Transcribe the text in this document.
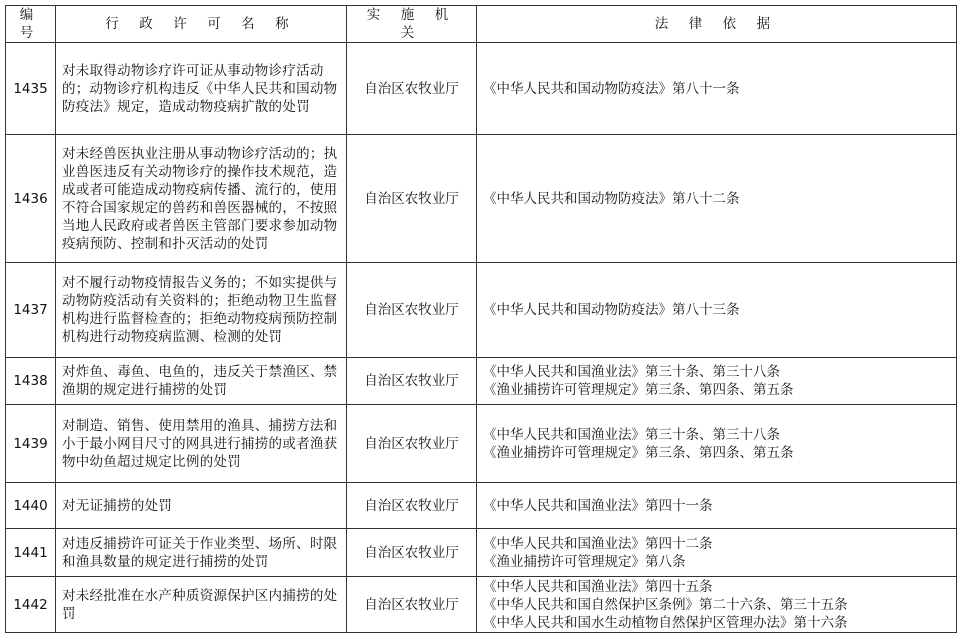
编号	行 政 许 可 名 称	实 施 机 关	法 律 依 据
1435	对未取得动物诊疗许可证从事动物诊疗活动的；动物诊疗机构违反《中华人民共和国动物防疫法》规定，造成动物疫病扩散的处罚	自治区农牧业厅	《中华人民共和国动物防疫法》第八十一条

1436	对未经兽医执业注册从事动物诊疗活动的；执业兽医违反有关动物诊疗的操作技术规范，造成或者可能造成动物疫病传播、流行的，使用不符合国家规定的兽药和兽医器械的，不按照当地人民政府或者兽医主管部门要求参加动物疫病预防、控制和扑灭活动的处罚	自治区农牧业厅	《中华人民共和国动物防疫法》第八十二条

1437	对不履行动物疫情报告义务的；不如实提供与动物防疫活动有关资料的；拒绝动物卫生监督机构进行监督检查的；拒绝动物疫病预防控制机构进行动物疫病监测、检测的处罚	自治区农牧业厅	《中华人民共和国动物防疫法》第八十三条

1438	对炸鱼、毒鱼、电鱼的，违反关于禁渔区、禁渔期的规定进行捕捞的处罚	自治区农牧业厅	《中华人民共和国渔业法》第三十条、第三十八条
《渔业捕捞许可管理规定》第三条、第四条、第五条

1439	对制造、销售、使用禁用的渔具、捕捞方法和小于最小网目尺寸的网具进行捕捞的或者渔获物中幼鱼超过规定比例的处罚	自治区农牧业厅	《中华人民共和国渔业法》第三十条、第三十八条
《渔业捕捞许可管理规定》第三条、第四条、第五条

1440	对无证捕捞的处罚	自治区农牧业厅	《中华人民共和国渔业法》第四十一条

1441	对违反捕捞许可证关于作业类型、场所、时限和渔具数量的规定进行捕捞的处罚	自治区农牧业厅	《中华人民共和国渔业法》第四十二条
《渔业捕捞许可管理规定》第八条

1442	对未经批准在水产种质资源保护区内捕捞的处罚	自治区农牧业厅	《中华人民共和国渔业法》第四十五条
《中华人民共和国自然保护区条例》第二十六条、第三十五条
《中华人民共和国水生动植物自然保护区管理办法》第十六条
